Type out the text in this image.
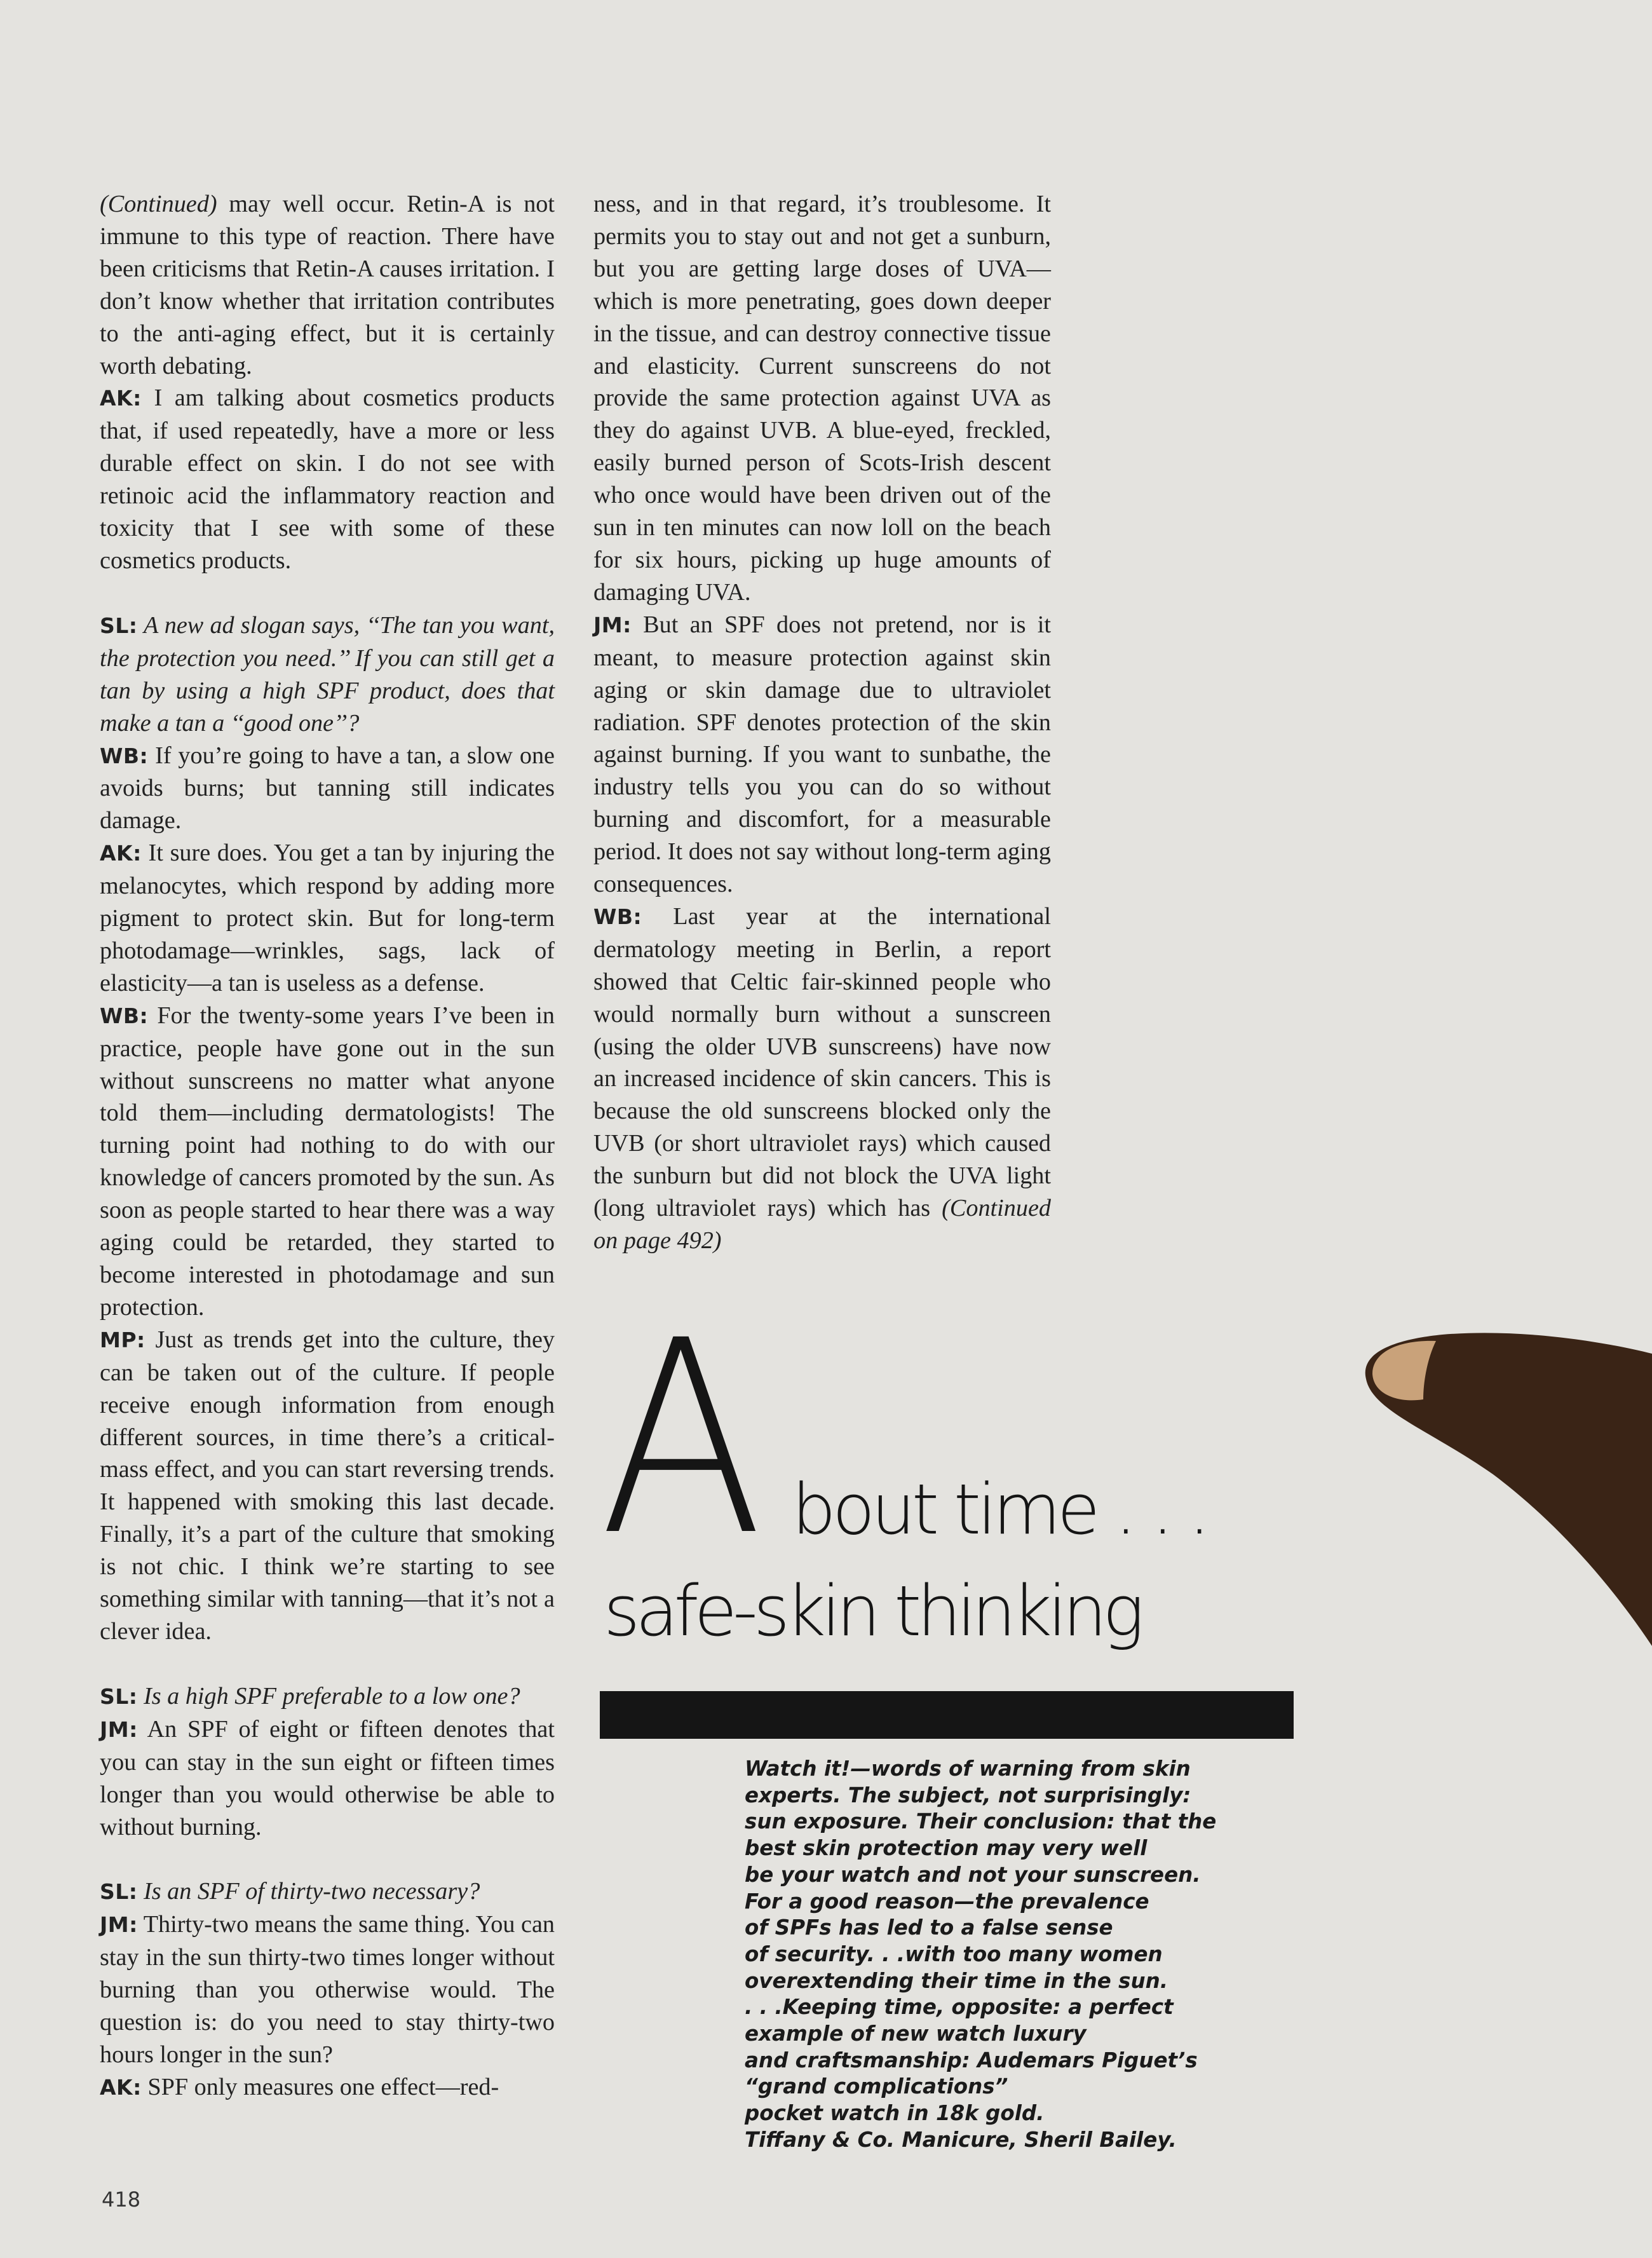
(Continued) may well occur. Retin-A is not immune to this type of reaction. There have been criticisms that Retin-A causes irritation. I don’t know whether that irritation contributes to the anti-aging effect, but it is certainly worth debating.

AK: I am talking about cosmetics products that, if used repeatedly, have a more or less durable effect on skin. I do not see with retinoic acid the inflammatory reaction and toxicity that I see with some of these cosmetics products.

SL: A new ad slogan says, ‘‘The tan you want, the protection you need.’’ If you can still get a tan by using a high SPF product, does that make a tan a ‘‘good one’’?

WB: If you’re going to have a tan, a slow one avoids burns; but tanning still indicates damage.

AK: It sure does. You get a tan by injuring the melanocytes, which respond by adding more pigment to protect skin. But for long-term photodamage—wrinkles, sags, lack of elasticity—a tan is useless as a defense.

WB: For the twenty-some years I’ve been in practice, people have gone out in the sun without sunscreens no matter what anyone told them—including dermatologists! The turning point had nothing to do with our knowledge of cancers promoted by the sun. As soon as people started to hear there was a way aging could be retarded, they started to become interested in photodamage and sun protection.

MP: Just as trends get into the culture, they can be taken out of the culture. If people receive enough information from enough different sources, in time there’s a critical-mass effect, and you can start reversing trends. It happened with smoking this last decade. Finally, it’s a part of the culture that smoking is not chic. I think we’re starting to see something similar with tanning—that it’s not a clever idea.

SL: Is a high SPF preferable to a low one?

JM: An SPF of eight or fifteen denotes that you can stay in the sun eight or fifteen times longer than you would otherwise be able to without burning.

SL: Is an SPF of thirty-two necessary?

JM: Thirty-two means the same thing. You can stay in the sun thirty-two times longer without burning than you otherwise would. The question is: do you need to stay thirty-two hours longer in the sun?

AK: SPF only measures one effect—red-

ness, and in that regard, it’s troublesome. It permits you to stay out and not get a sunburn, but you are getting large doses of UVA—which is more penetrating, goes down deeper in the tissue, and can destroy connective tissue and elasticity. Current sunscreens do not provide the same protection against UVA as they do against UVB. A blue-eyed, freckled, easily burned person of Scots-Irish descent who once would have been driven out of the sun in ten minutes can now loll on the beach for six hours, picking up huge amounts of damaging UVA.

JM: But an SPF does not pretend, nor is it meant, to measure protection against skin aging or skin damage due to ultraviolet radiation. SPF denotes protection of the skin against burning. If you want to sunbathe, the industry tells you you can do so without burning and discomfort, for a measurable period. It does not say without long-term aging consequences.

WB: Last year at the international dermatology meeting in Berlin, a report showed that Celtic fair-skinned people who would normally burn without a sunscreen (using the older UVB sunscreens) have now an increased incidence of skin cancers. This is because the old sunscreens blocked only the UVB (or short ultraviolet rays) which caused the sunburn but did not block the UVA light (long ultraviolet rays) which has (Continued on page 492)

A bout time . . .
safe-skin thinking
Watch it!—words of warning from skin
experts. The subject, not surprisingly:
sun exposure. Their conclusion: that the
best skin protection may very well
be your watch and not your sunscreen.
For a good reason—the prevalence
of SPFs has led to a false sense
of security. . .with too many women
overextending their time in the sun.
. . .Keeping time, opposite: a perfect
example of new watch luxury
and craftsmanship: Audemars Piguet’s
“grand complications”
pocket watch in 18k gold.
Tiffany & Co. Manicure, Sheril Bailey.
418
